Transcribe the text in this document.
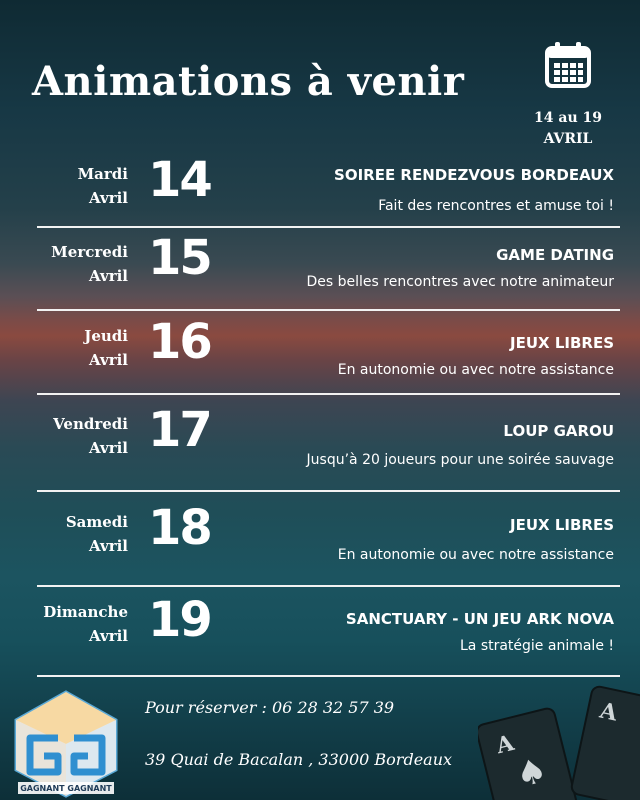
Animations à venir
14 au 19
AVRIL
Mardi
Avril 14	SOIREE RENDEZVOUS BORDEAUX
Fait des rencontres et amuse toi !
Mercredi
Avril 15	GAME DATING
Des belles rencontres avec notre animateur
Jeudi
Avril 16	JEUX LIBRES
En autonomie ou avec notre assistance
Vendredi
Avril 17	LOUP GAROU
Jusqu’à 20 joueurs pour une soirée sauvage
Samedi
Avril 18	JEUX LIBRES
En autonomie ou avec notre assistance
Dimanche
Avril 19	SANCTUARY - UN JEU ARK NOVA
La stratégie animale !
GAGNANT GAGNANT
Pour réserver : 06 28 32 57 39
39 Quai de Bacalan , 33000 Bordeaux
A
♠
A
